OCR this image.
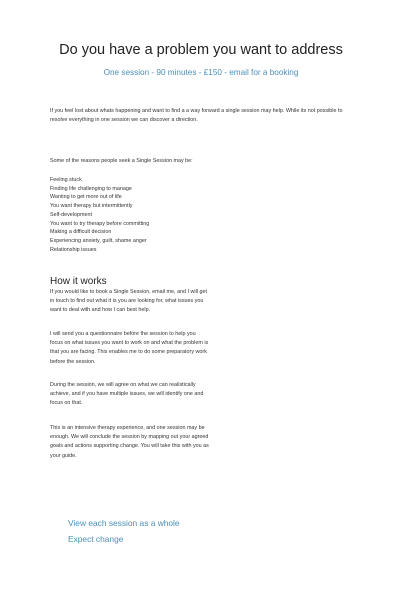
Do you have a problem you want to address
One session - 90 minutes - £150 - email for a booking

If you feel lost about whats happening and want to find a a way forward a single session may help. While its not possible to resolve everything in one session we can discover a direction.

Some of the reasons people seek a Single Session may be:

Feeling stuck
Finding life challenging to manage
Wanting to get more out of life
You want therapy but intermittently
Self-development
You want to try therapy before committing
Making a difficult decision
Experiencing anxiety, guilt, shame anger
Relationship issues
How it works

If you would like to book a Single Session, email me, and I will get in touch to find out what it is you are looking for, what issues you want to deal with and how I can best help.

I will send you a questionnaire before the session to help you focus on what issues you want to work on and what the problem is that you are facing. This enables me to do some preparatory work before the session.

During the session, we will agree on what we can realistically achieve, and if you have multiple issues, we will identify one and focus on that.

This is an intensive therapy experience, and one session may be enough. We will conclude the session by mapping out your agreed goals and actions supporting change. You will take this with you as your guide.

View each session as a whole
Expect change
